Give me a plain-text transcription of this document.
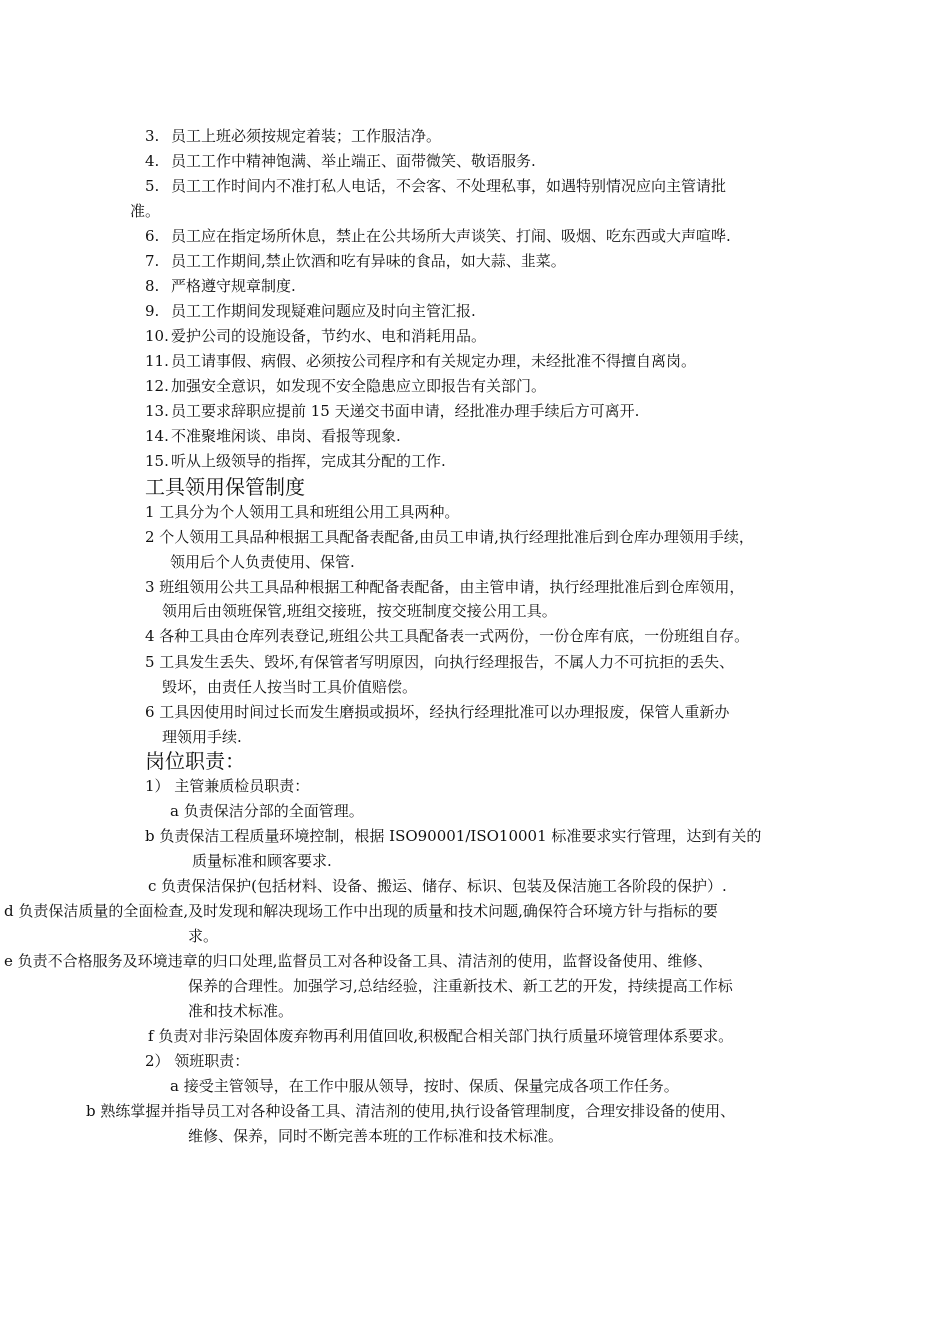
3. 员工上班必须按规定着装；工作服洁净。
4. 员工工作中精神饱满、举止端正、面带微笑、敬语服务.
5. 员工工作时间内不准打私人电话，不会客、不处理私事，如遇特别情况应向主管请批
准。
6. 员工应在指定场所休息，禁止在公共场所大声谈笑、打闹、吸烟、吃东西或大声喧哗.
7. 员工工作期间,禁止饮酒和吃有异味的食品，如大蒜、韭菜。
8. 严格遵守规章制度.
9. 员工工作期间发现疑难问题应及时向主管汇报.
10. 爱护公司的设施设备，节约水、电和消耗用品。
11. 员工请事假、病假、必须按公司程序和有关规定办理，未经批准不得擅自离岗。
12. 加强安全意识，如发现不安全隐患应立即报告有关部门。
13. 员工要求辞职应提前 15 天递交书面申请，经批准办理手续后方可离开.
14. 不准聚堆闲谈、串岗、看报等现象.
15. 听从上级领导的指挥，完成其分配的工作.
工具领用保管制度
1 工具分为个人领用工具和班组公用工具两种。
2 个人领用工具品种根据工具配备表配备,由员工申请,执行经理批准后到仓库办理领用手续，
领用后个人负责使用、保管.
3 班组领用公共工具品种根据工种配备表配备，由主管申请，执行经理批准后到仓库领用，
领用后由领班保管,班组交接班，按交班制度交接公用工具。
4 各种工具由仓库列表登记,班组公共工具配备表一式两份，一份仓库有底，一份班组自存。
5 工具发生丢失、毁坏,有保管者写明原因，向执行经理报告，不属人力不可抗拒的丢失、
毁坏，由责任人按当时工具价值赔偿。
6 工具因使用时间过长而发生磨损或损坏，经执行经理批准可以办理报废，保管人重新办
理领用手续.
岗位职责：
1） 主管兼质检员职责：
a 负责保洁分部的全面管理。
b 负责保洁工程质量环境控制，根据 ISO90001/ISO10001 标准要求实行管理，达到有关的
质量标准和顾客要求.
c 负责保洁保护(包括材料、设备、搬运、储存、标识、包装及保洁施工各阶段的保护）.
d 负责保洁质量的全面检查,及时发现和解决现场工作中出现的质量和技术问题,确保符合环境方针与指标的要
求。
e 负责不合格服务及环境违章的归口处理,监督员工对各种设备工具、清洁剂的使用，监督设备使用、维修、
保养的合理性。加强学习,总结经验，注重新技术、新工艺的开发，持续提高工作标
准和技术标准。
f 负责对非污染固体废弃物再利用值回收,积极配合相关部门执行质量环境管理体系要求。
2） 领班职责：
a 接受主管领导，在工作中服从领导，按时、保质、保量完成各项工作任务。
b 熟练掌握并指导员工对各种设备工具、清洁剂的使用,执行设备管理制度，合理安排设备的使用、
维修、保养，同时不断完善本班的工作标准和技术标准。
